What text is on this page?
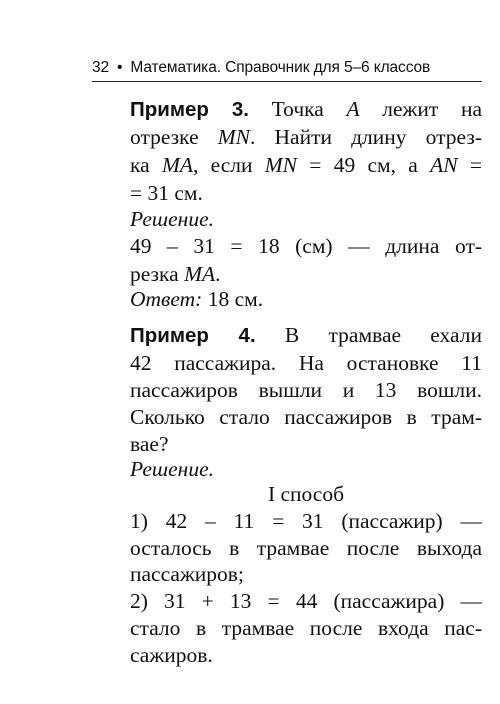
32 • Математика. Справочник для 5–6 классов
Пример 3. Точка A лежит на
отрезке MN. Найти длину отрез-
ка MA, если MN = 49 см, а AN =
= 31 см.
Решение.
49 – 31 = 18 (см) — длина от-
резка MA.
Ответ: 18 см.
Пример 4. В трамвае ехали
42 пассажира. На остановке 11
пассажиров вышли и 13 вошли.
Сколько стало пассажиров в трам-
вае?
Решение.
I способ
1) 42 – 11 = 31 (пассажир) —
осталось в трамвае после выхода
пассажиров;
2) 31 + 13 = 44 (пассажира) —
стало в трамвае после входа пас-
сажиров.
